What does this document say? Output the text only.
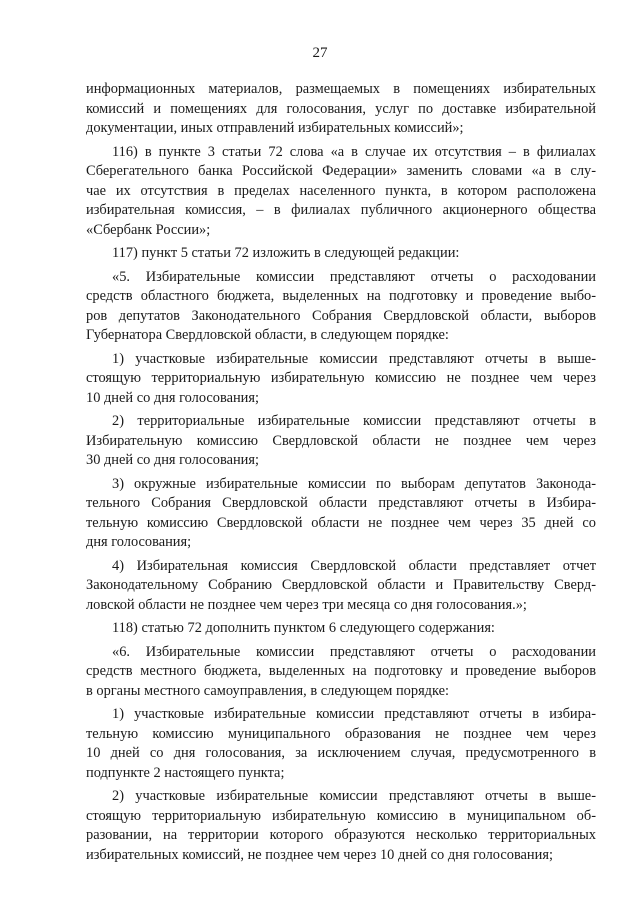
27
информационных материалов, размещаемых в помещениях избирательных
комиссий и помещениях для голосования, услуг по доставке избирательной
документации, иных отправлений избирательных комиссий»;
116) в пункте 3 статьи 72 слова «а в случае их отсутствия – в филиалах
Сберегательного банка Российской Федерации» заменить словами «а в слу-
чае их отсутствия в пределах населенного пункта, в котором расположена
избирательная комиссия, – в филиалах публичного акционерного общества
«Сбербанк России»;
117) пункт 5 статьи 72 изложить в следующей редакции:
«5. Избирательные комиссии представляют отчеты о расходовании
средств областного бюджета, выделенных на подготовку и проведение выбо-
ров депутатов Законодательного Собрания Свердловской области, выборов
Губернатора Свердловской области, в следующем порядке:
1) участковые избирательные комиссии представляют отчеты в выше-
стоящую территориальную избирательную комиссию не позднее чем через
10 дней со дня голосования;
2) территориальные избирательные комиссии представляют отчеты в
Избирательную комиссию Свердловской области не позднее чем через
30 дней со дня голосования;
3) окружные избирательные комиссии по выборам депутатов Законода-
тельного Собрания Свердловской области представляют отчеты в Избира-
тельную комиссию Свердловской области не позднее чем через 35 дней со
дня голосования;
4) Избирательная комиссия Свердловской области представляет отчет
Законодательному Собранию Свердловской области и Правительству Сверд-
ловской области не позднее чем через три месяца со дня голосования.»;
118) статью 72 дополнить пунктом 6 следующего содержания:
«6. Избирательные комиссии представляют отчеты о расходовании
средств местного бюджета, выделенных на подготовку и проведение выборов
в органы местного самоуправления, в следующем порядке:
1) участковые избирательные комиссии представляют отчеты в избира-
тельную комиссию муниципального образования не позднее чем через
10 дней со дня голосования, за исключением случая, предусмотренного в
подпункте 2 настоящего пункта;
2) участковые избирательные комиссии представляют отчеты в выше-
стоящую территориальную избирательную комиссию в муниципальном об-
разовании, на территории которого образуются несколько территориальных
избирательных комиссий, не позднее чем через 10 дней со дня голосования;
